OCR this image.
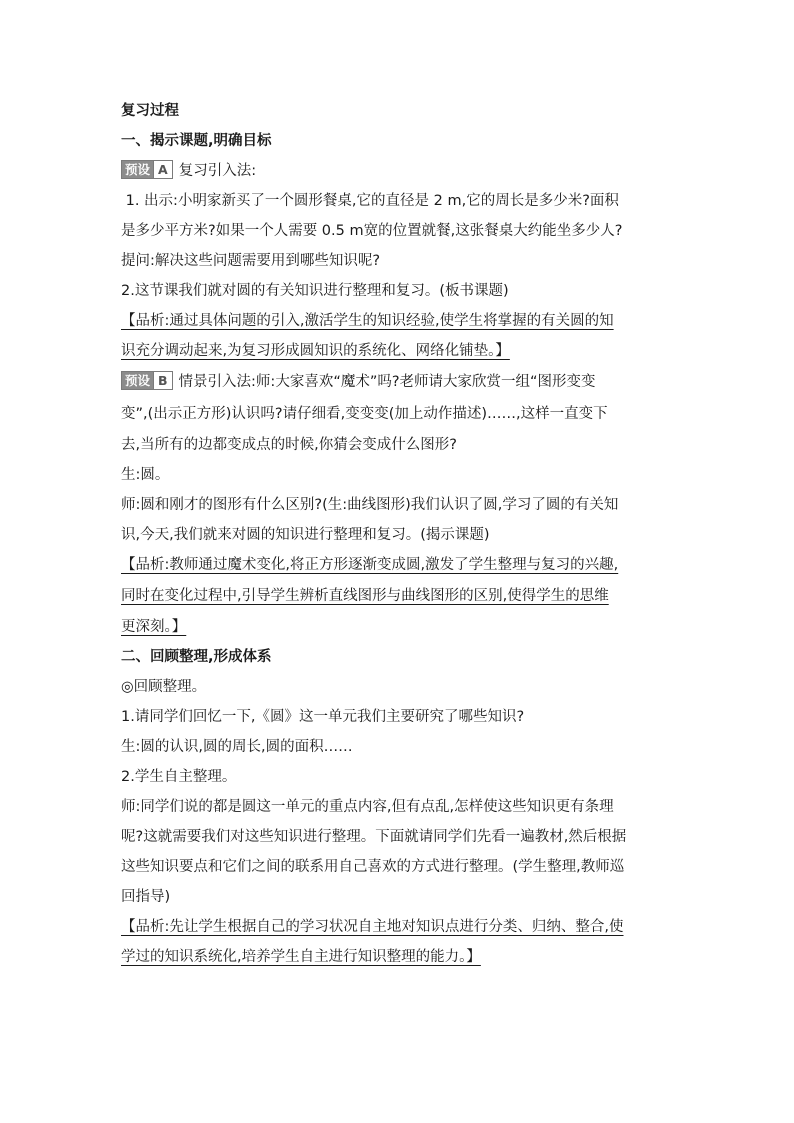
复习过程
一、揭示课题,明确目标
预设 A 复习引入法:
1. 出示:小明家新买了一个圆形餐桌,它的直径是 2 m,它的周长是多少米?面积
是多少平方米?如果一个人需要 0.5 m宽的位置就餐,这张餐桌大约能坐多少人?
提问:解决这些问题需要用到哪些知识呢?
2.这节课我们就对圆的有关知识进行整理和复习。(板书课题)
【品析:通过具体问题的引入,激活学生的知识经验,使学生将掌握的有关圆的知
识充分调动起来,为复习形成圆知识的系统化、网络化铺垫。】
预设 B 情景引入法:师:大家喜欢“魔术”吗?老师请大家欣赏一组“图形变变
变”,(出示正方形)认识吗?请仔细看,变变变(加上动作描述)……,这样一直变下
去,当所有的边都变成点的时候,你猜会变成什么图形?
生:圆。
师:圆和刚才的图形有什么区别?(生:曲线图形)我们认识了圆,学习了圆的有关知
识,今天,我们就来对圆的知识进行整理和复习。(揭示课题)
【品析:教师通过魔术变化,将正方形逐渐变成圆,激发了学生整理与复习的兴趣,
同时在变化过程中,引导学生辨析直线图形与曲线图形的区别,使得学生的思维
更深刻。】
二、回顾整理,形成体系
◎回顾整理。
1.请同学们回忆一下,《圆》这一单元我们主要研究了哪些知识?
生:圆的认识,圆的周长,圆的面积……
2.学生自主整理。
师:同学们说的都是圆这一单元的重点内容,但有点乱,怎样使这些知识更有条理
呢?这就需要我们对这些知识进行整理。下面就请同学们先看一遍教材,然后根据
这些知识要点和它们之间的联系用自己喜欢的方式进行整理。(学生整理,教师巡
回指导)
【品析:先让学生根据自己的学习状况自主地对知识点进行分类、归纳、整合,使
学过的知识系统化,培养学生自主进行知识整理的能力。】
